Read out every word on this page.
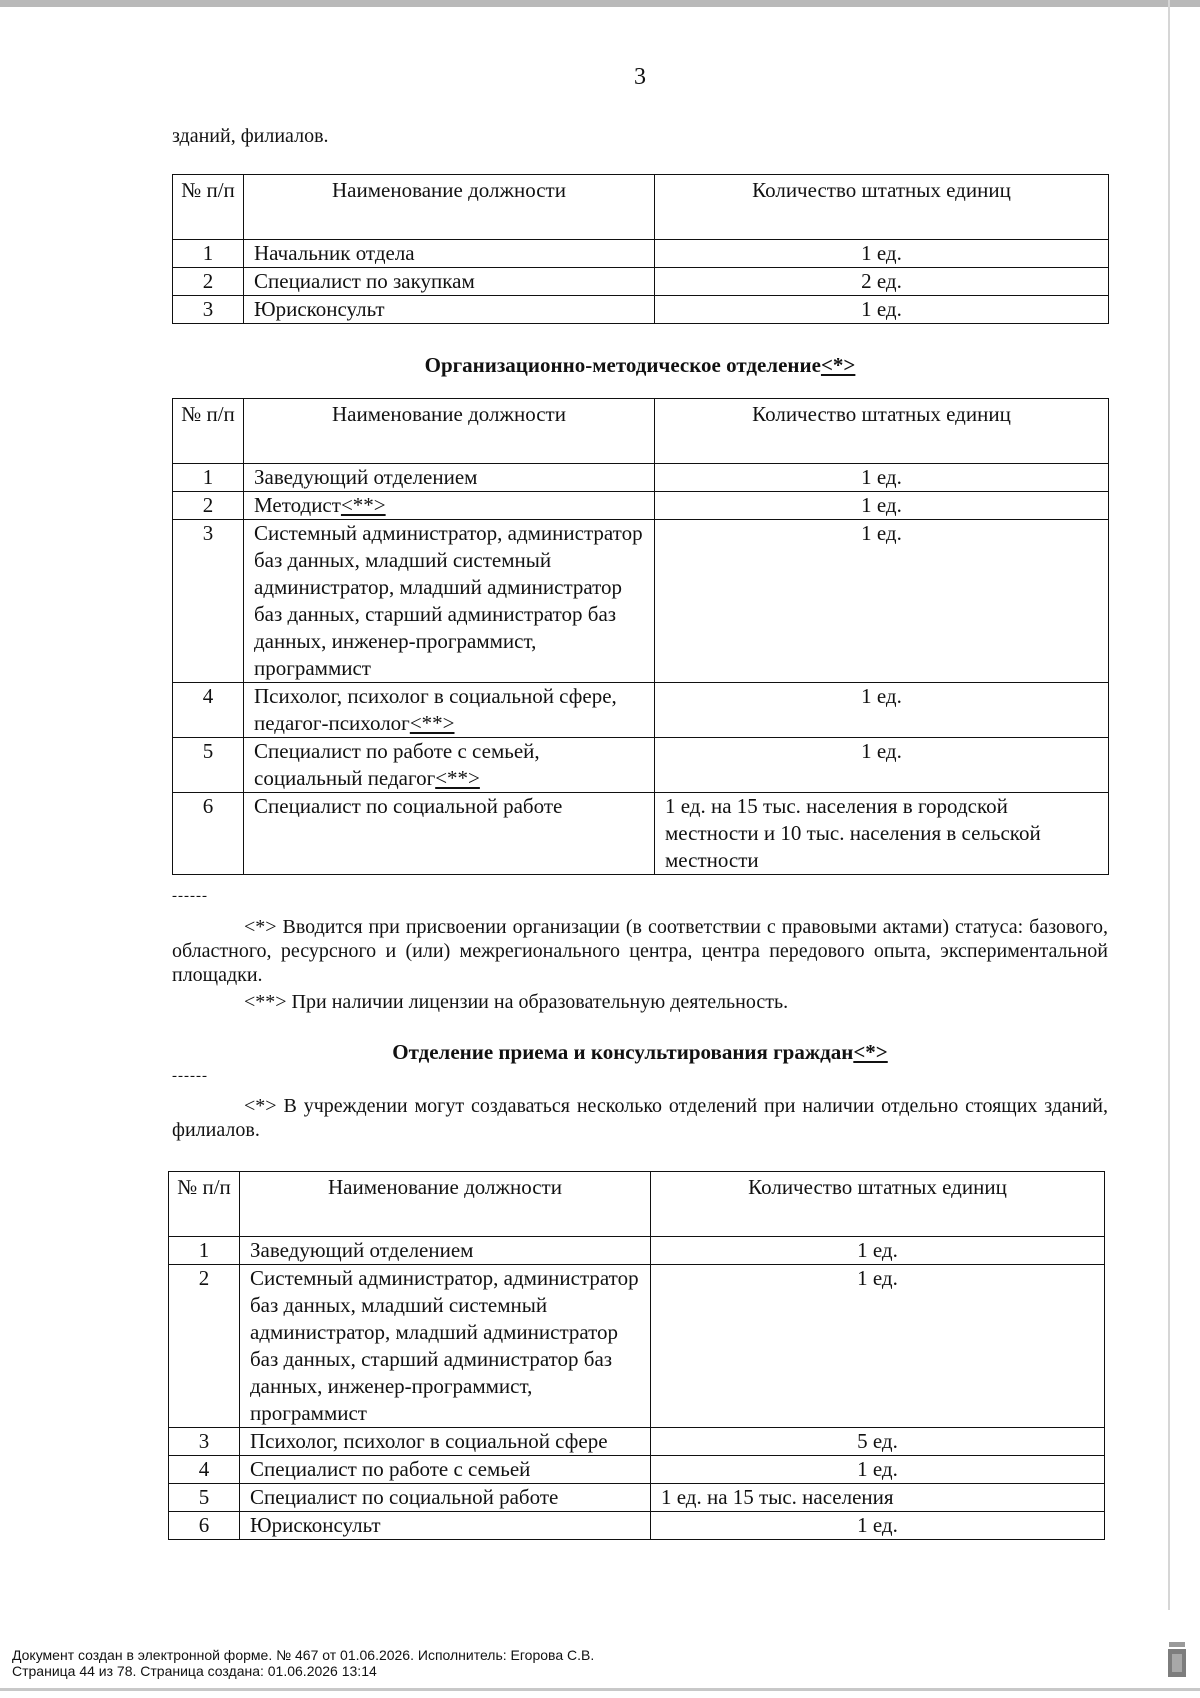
3
зданий, филиалов.
№ п/п	Наименование должности	Количество штатных единиц
1	Начальник отдела	1 ед.
2	Специалист по закупкам	2 ед.
3	Юрисконсульт	1 ед.
Организационно-методическое отделение<*>
№ п/п	Наименование должности	Количество штатных единиц
1	Заведующий отделением	1 ед.
2	Методист<**>	1 ед.
3	Системный администратор, администратор баз данных, младший системный администратор, младший администратор баз данных, старший администратор баз данных, инженер-программист, программист	1 ед.
4	Психолог, психолог в социальной сфере, педагог-психолог<**>	1 ед.
5	Специалист по работе с семьей, социальный педагог<**>	1 ед.
6	Специалист по социальной работе	1 ед. на 15 тыс. населения в городской местности и 10 тыс. населения в сельской местности
------
<*> Вводится при присвоении организации (в соответствии с правовыми актами) статуса: базового, областного, ресурсного и (или) межрегионального центра, центра передового опыта, экспериментальной площадки.
<**> При наличии лицензии на образовательную деятельность.
Отделение приема и консультирования граждан<*>
------
<*> В учреждении могут создаваться несколько отделений при наличии отдельно стоящих зданий, филиалов.
№ п/п	Наименование должности	Количество штатных единиц
1	Заведующий отделением	1 ед.
2	Системный администратор, администратор баз данных, младший системный администратор, младший администратор баз данных, старший администратор баз данных, инженер-программист, программист	1 ед.
3	Психолог, психолог в социальной сфере	5 ед.
4	Специалист по работе с семьей	1 ед.
5	Специалист по социальной работе	1 ед. на 15 тыс. населения
6	Юрисконсульт	1 ед.
Документ создан в электронной форме. № 467 от 01.06.2026. Исполнитель: Егорова С.В.
Страница 44 из 78. Страница создана: 01.06.2026 13:14
